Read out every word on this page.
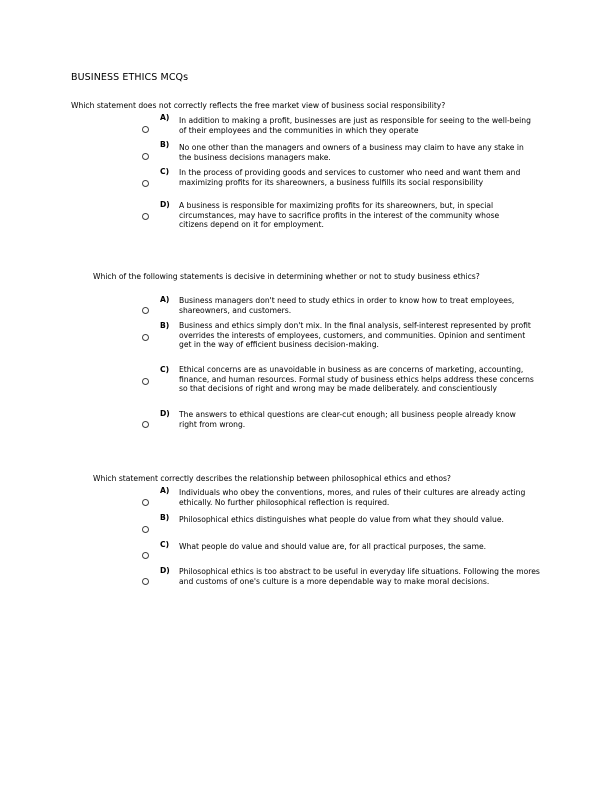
BUSINESS ETHICS MCQs

Which statement does not correctly reflects the free market view of business social responsibility?

A) In addition to making a profit, businesses are just as responsible for seeing to the well-being of their employees and the communities in which they operate
B) No one other than the managers and owners of a business may claim to have any stake in the business decisions managers make.
C) In the process of providing goods and services to customer who need and want them and maximizing profits for its shareowners, a business fulfills its social responsibility
D) A business is responsible for maximizing profits for its shareowners, but, in special circumstances, may have to sacrifice profits in the interest of the community whose citizens depend on it for employment.

Which of the following statements is decisive in determining whether or not to study business ethics?

A) Business managers don't need to study ethics in order to know how to treat employees, shareowners, and customers.
B) Business and ethics simply don't mix. In the final analysis, self-interest represented by profit overrides the interests of employees, customers, and communities. Opinion and sentiment get in the way of efficient business decision-making.
C) Ethical concerns are as unavoidable in business as are concerns of marketing, accounting, finance, and human resources. Formal study of business ethics helps address these concerns so that decisions of right and wrong may be made deliberately. and conscientiously
D) The answers to ethical questions are clear-cut enough; all business people already know right from wrong.

Which statement correctly describes the relationship between philosophical ethics and ethos?

A) Individuals who obey the conventions, mores, and rules of their cultures are already acting ethically. No further philosophical reflection is required.
B) Philosophical ethics distinguishes what people do value from what they should value.
C) What people do value and should value are, for all practical purposes, the same.
D) Philosophical ethics is too abstract to be useful in everyday life situations. Following the mores and customs of one's culture is a more dependable way to make moral decisions.
